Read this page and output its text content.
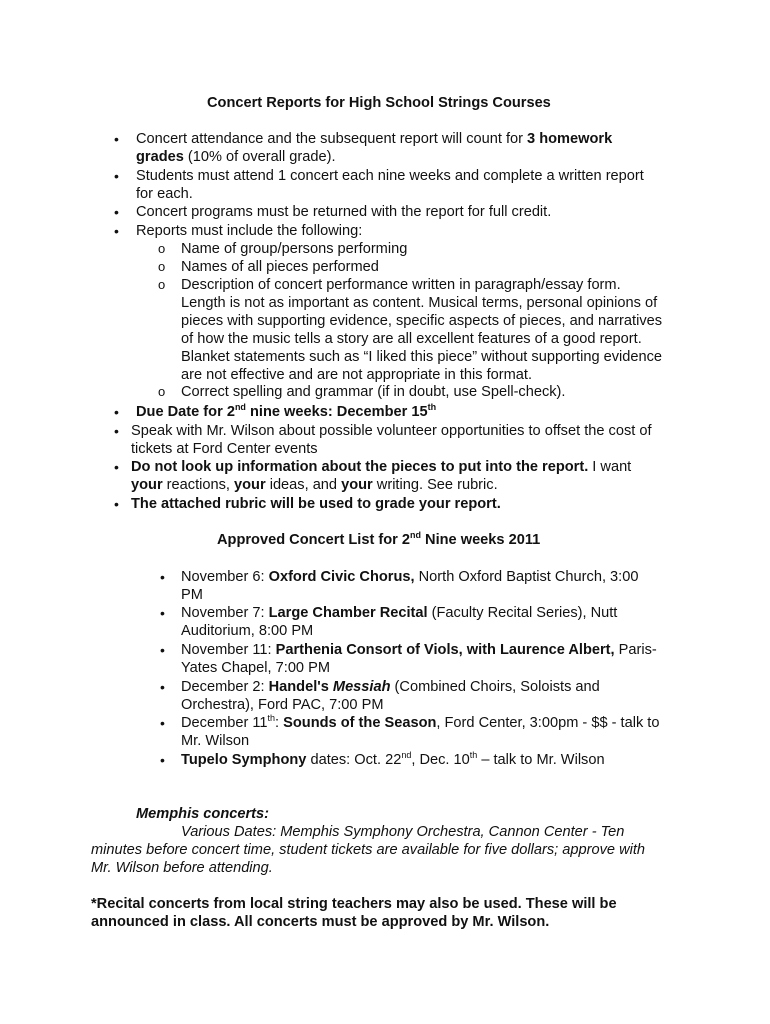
Concert Reports for High School Strings Courses
• Concert attendance and the subsequent report will count for 3 homework
grades (10% of overall grade).
• Students must attend 1 concert each nine weeks and complete a written report
for each.
• Concert programs must be returned with the report for full credit.
• Reports must include the following:
o Name of group/persons performing
o Names of all pieces performed
o Description of concert performance written in paragraph/essay form.
Length is not as important as content. Musical terms, personal opinions of
pieces with supporting evidence, specific aspects of pieces, and narratives
of how the music tells a story are all excellent features of a good report.
Blanket statements such as “I liked this piece” without supporting evidence
are not effective and are not appropriate in this format.
o Correct spelling and grammar (if in doubt, use Spell-check).
• Due Date for 2nd nine weeks: December 15th
• Speak with Mr. Wilson about possible volunteer opportunities to offset the cost of
tickets at Ford Center events
• Do not look up information about the pieces to put into the report. I want
your reactions, your ideas, and your writing. See rubric.
• The attached rubric will be used to grade your report.
Approved Concert List for 2nd Nine weeks 2011
• November 6: Oxford Civic Chorus, North Oxford Baptist Church, 3:00
PM
• November 7: Large Chamber Recital (Faculty Recital Series), Nutt
Auditorium, 8:00 PM
• November 11: Parthenia Consort of Viols, with Laurence Albert, Paris-
Yates Chapel, 7:00 PM
• December 2: Handel's Messiah (Combined Choirs, Soloists and
Orchestra), Ford PAC, 7:00 PM
• December 11th: Sounds of the Season, Ford Center, 3:00pm - $$ - talk to
Mr. Wilson
• Tupelo Symphony dates: Oct. 22nd, Dec. 10th – talk to Mr. Wilson
Memphis concerts:
Various Dates: Memphis Symphony Orchestra, Cannon Center - Ten
minutes before concert time, student tickets are available for five dollars; approve with
Mr. Wilson before attending.
*Recital concerts from local string teachers may also be used. These will be
announced in class. All concerts must be approved by Mr. Wilson.
